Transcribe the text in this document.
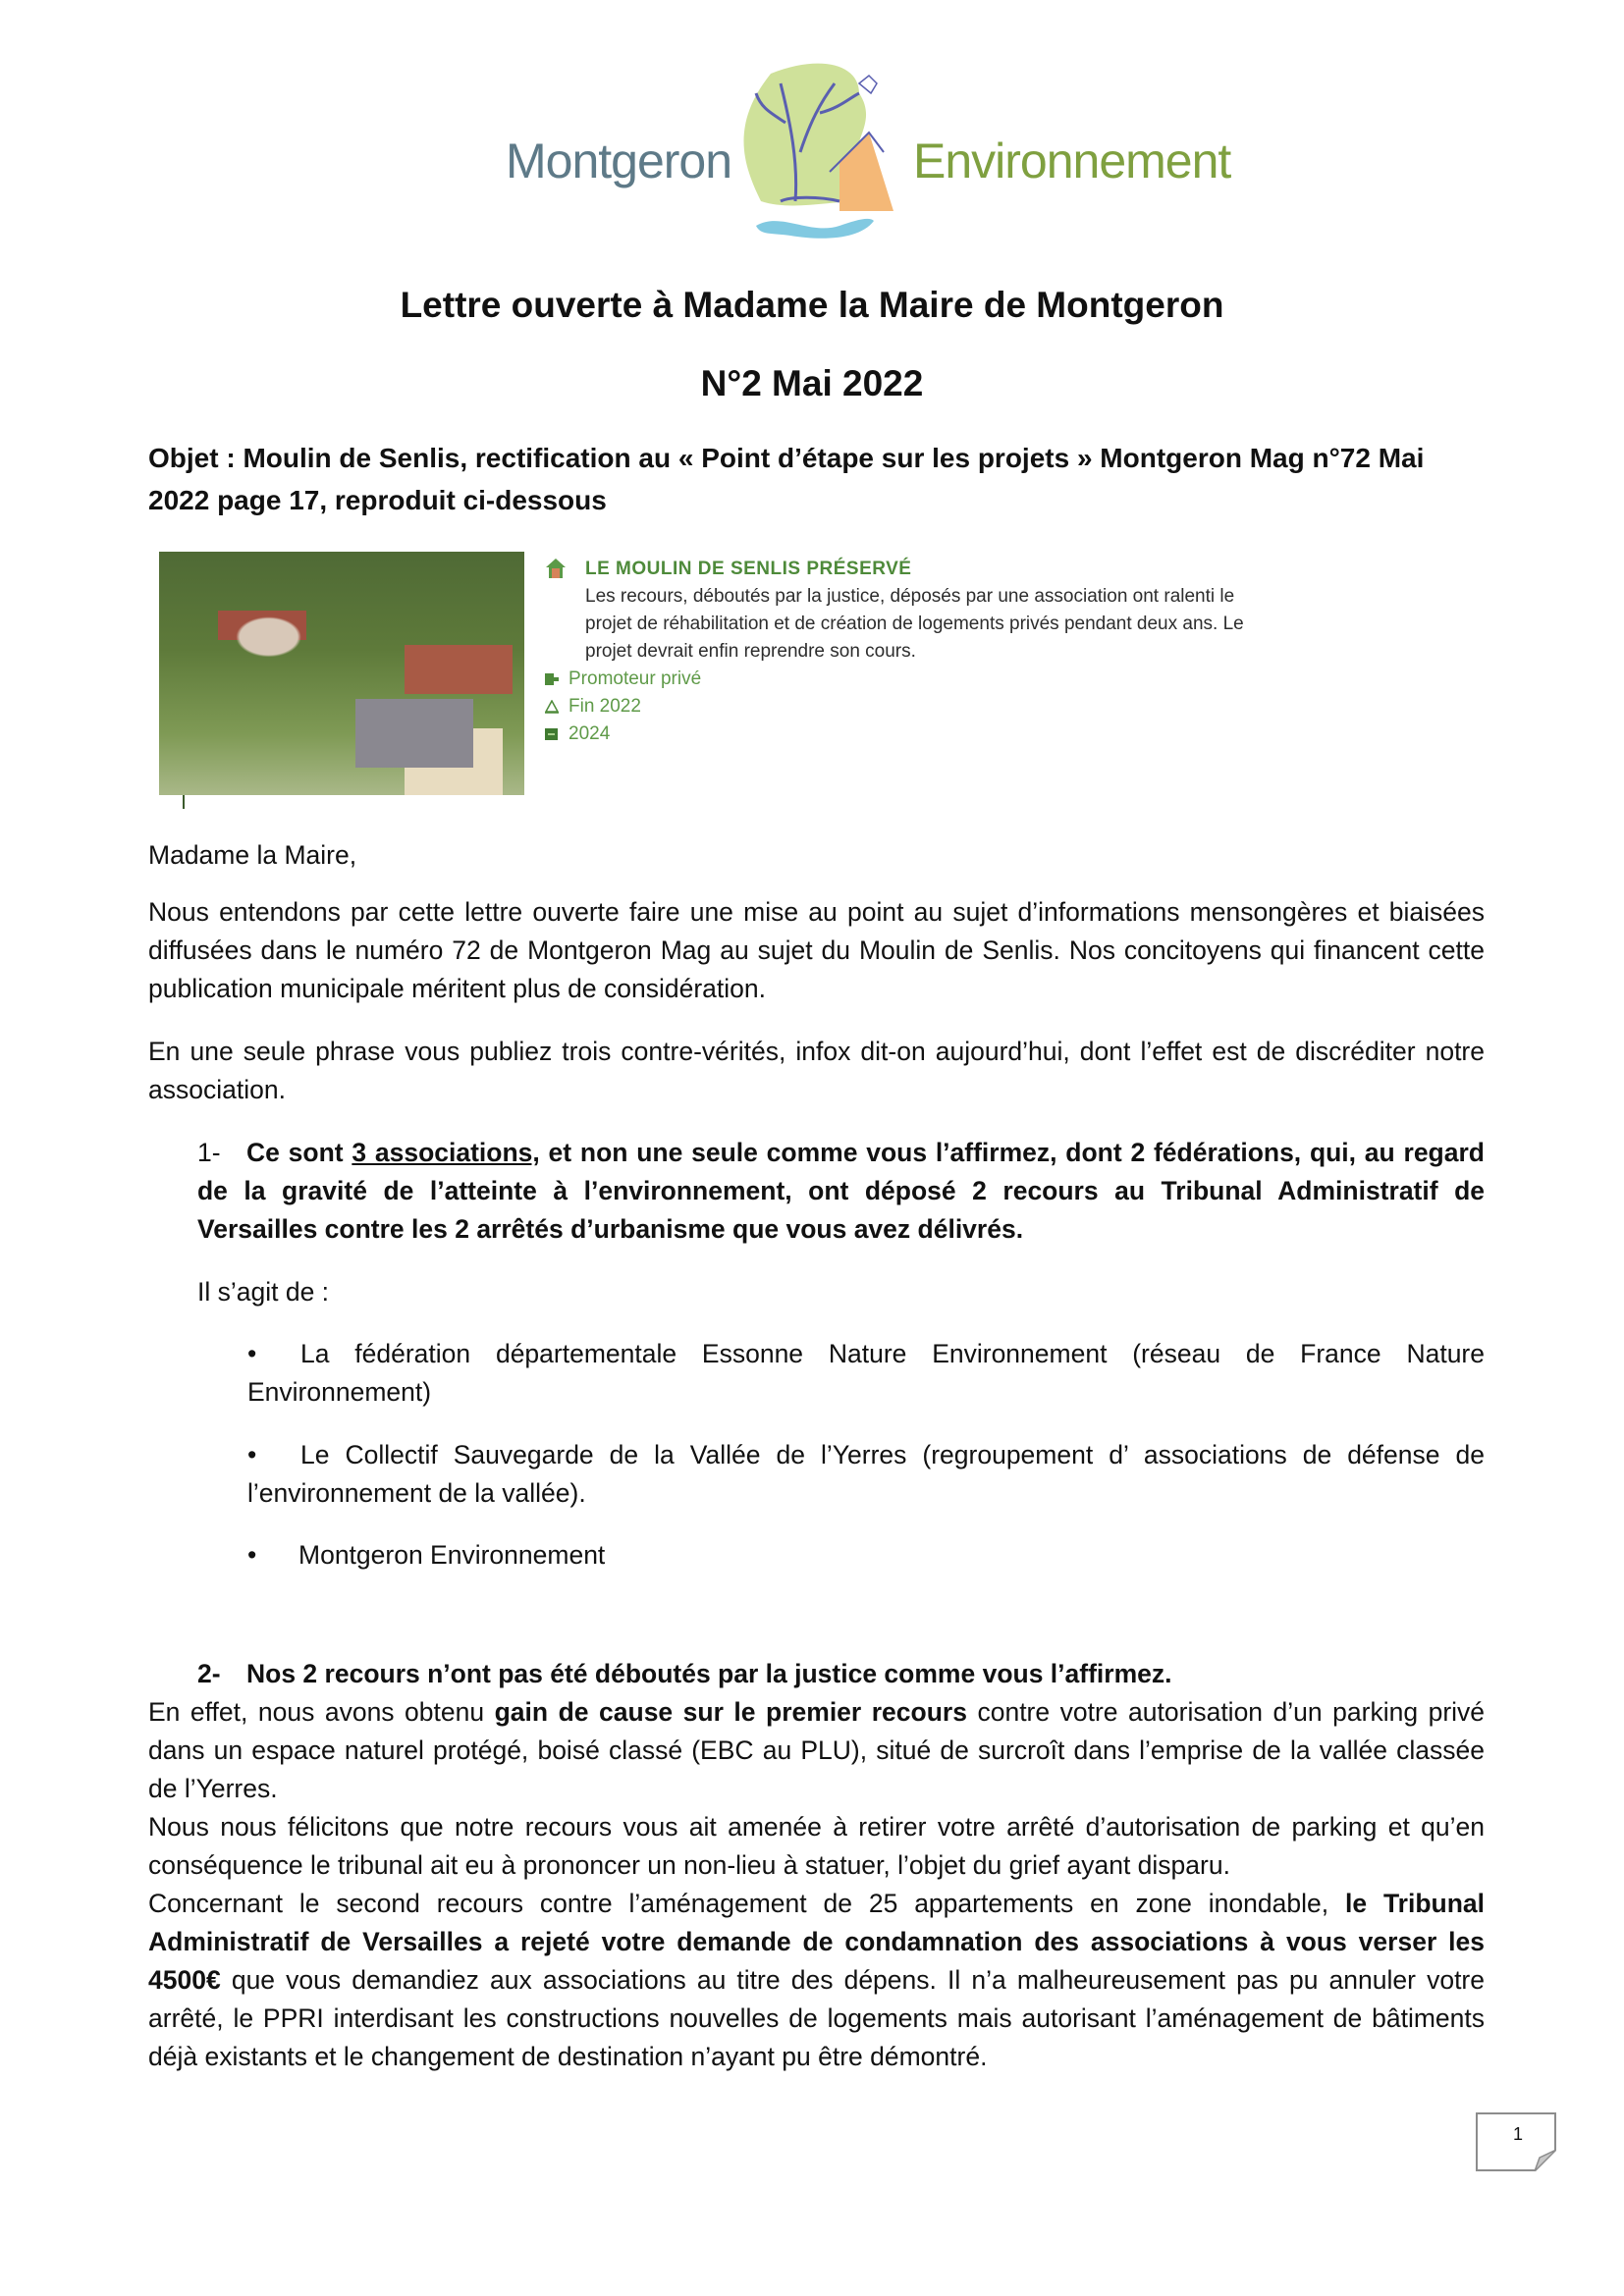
Montgeron	Environnement
Lettre ouverte à Madame la Maire de Montgeron
N°2 Mai 2022
Objet : Moulin de Senlis, rectification au « Point d’étape sur les projets » Montgeron Mag n°72 Mai 2022 page 17, reproduit ci-dessous
LE MOULIN DE SENLIS PRÉSERVÉ
Les recours, déboutés par la justice, déposés par une association ont ralenti le projet de réhabilitation et de création de logements privés pendant deux ans. Le projet devrait enfin reprendre son cours.
Promoteur privé
Fin 2022
2024
Madame la Maire,
Nous entendons par cette lettre ouverte faire une mise au point au sujet d’informations mensongères et biaisées diffusées dans le numéro 72 de Montgeron Mag au sujet du Moulin de Senlis. Nos concitoyens qui financent cette publication municipale méritent plus de considération.
En une seule phrase vous publiez trois contre-vérités, infox dit-on aujourd’hui, dont l’effet est de discréditer notre association.
1- Ce sont 3 associations, et non une seule comme vous l’affirmez, dont 2 fédérations, qui, au regard de la gravité de l’atteinte à l’environnement, ont déposé 2 recours au Tribunal Administratif de Versailles contre les 2 arrêtés d’urbanisme que vous avez délivrés.
Il s’agit de :
•	La fédération départementale Essonne Nature Environnement (réseau de France Nature Environnement)
•	Le Collectif Sauvegarde de la Vallée de l’Yerres (regroupement d’ associations de défense de l’environnement de la vallée).
•	Montgeron Environnement
2- Nos 2 recours n’ont pas été déboutés par la justice comme vous l’affirmez.
En effet, nous avons obtenu gain de cause sur le premier recours contre votre autorisation d’un parking privé dans un espace naturel protégé, boisé classé (EBC au PLU), situé de surcroît dans l’emprise de la vallée classée de l’Yerres.
Nous nous félicitons que notre recours vous ait amenée à retirer votre arrêté d’autorisation de parking et qu’en conséquence le tribunal ait eu à prononcer un non-lieu à statuer, l’objet du grief ayant disparu.
Concernant le second recours contre l’aménagement de 25 appartements en zone inondable, le Tribunal Administratif de Versailles a rejeté votre demande de condamnation des associations à vous verser les 4500€ que vous demandiez aux associations au titre des dépens. Il n’a malheureusement pas pu annuler votre arrêté, le PPRI interdisant les constructions nouvelles de logements mais autorisant l’aménagement de bâtiments déjà existants et le changement de destination n’ayant pu être démontré.
1
